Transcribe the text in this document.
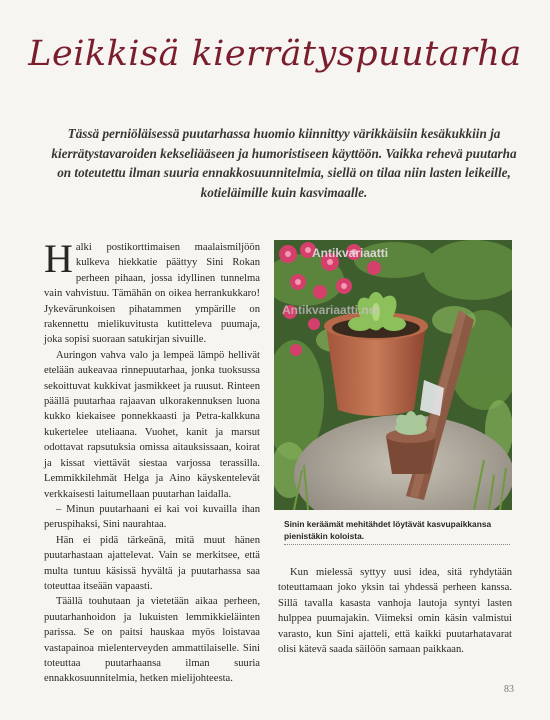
Leikkisä kierrätyspuutarha

Tässä perniöläisessä puutarhassa huomio kiinnittyy värikkäisiin kesäkukkiin ja kierrätystavaroiden kekseliääseen ja humoristiseen käyttöön. Vaikka rehevä puutarha on toteutettu ilman suuria ennakkosuunnitelmia, siellä on tilaa niin lasten leikeille, kotieläimille kuin kasvimaalle.

Halki postikorttimaisen maalaismiljöön kulkeva hiekkatie päättyy Sini Rokan perheen pihaan, jossa idyllinen tunnelma vain vahvistuu. Tämähän on oikea herrankukkaro! Jykevärunkoisen pihatammen ympärille on rakennettu mielikuvitusta kutitteleva puumaja, joka sopisi suoraan satukirjan sivuille.

Auringon vahva valo ja lempeä lämpö hellivät etelään aukeavaa rinnepuutarhaa, jonka tuoksussa sekoittuvat kukkivat jasmikkeet ja ruusut. Rinteen päällä puutarhaa rajaavan ulkorakennuksen luona kukko kiekaisee ponnekkaasti ja Petra-kalkkuna kukertelee uteliaana. Vuohet, kanit ja marsut odottavat rapsutuksia omissa aitauksissaan, koirat ja kissat viettävät siestaa varjossa terassilla. Lemmikkilehmät Helga ja Aino käyskentelevät verkkaisesti laitumellaan puutarhan laidalla.

– Minun puutarhaani ei kai voi kuvailla ihan peruspihaksi, Sini naurahtaa.

Hän ei pidä tärkeänä, mitä muut hänen puutarhastaan ajattelevat. Vain se merkitsee, että multa tuntuu käsissä hyvältä ja puutarhassa saa toteuttaa itseään vapaasti.

Täällä touhutaan ja vietetään aikaa perheen, puutarhanhoidon ja lukuisten lemmikkieläinten parissa. Se on paitsi hauskaa myös loistavaa vastapainoa mielenterveyden ammattilaiselle. Sini toteuttaa puutarhaansa ilman suuria ennakkosuunnitelmia, hetken mielijohteesta.

Antikvariaatti
Antikvariaatti.net

Sinin keräämät mehitähdet löytävät kasvupaikkansa pienistäkin koloista.

Kun mielessä syttyy uusi idea, sitä ryhdytään toteuttamaan joko yksin tai yhdessä perheen kanssa. Sillä tavalla kasasta vanhoja lautoja syntyi lasten hulppea puumajakin. Viimeksi omin käsin valmistui varasto, kun Sini ajatteli, että kaikki puutarhatavarat olisi kätevä saada säilöön samaan paikkaan.

83
